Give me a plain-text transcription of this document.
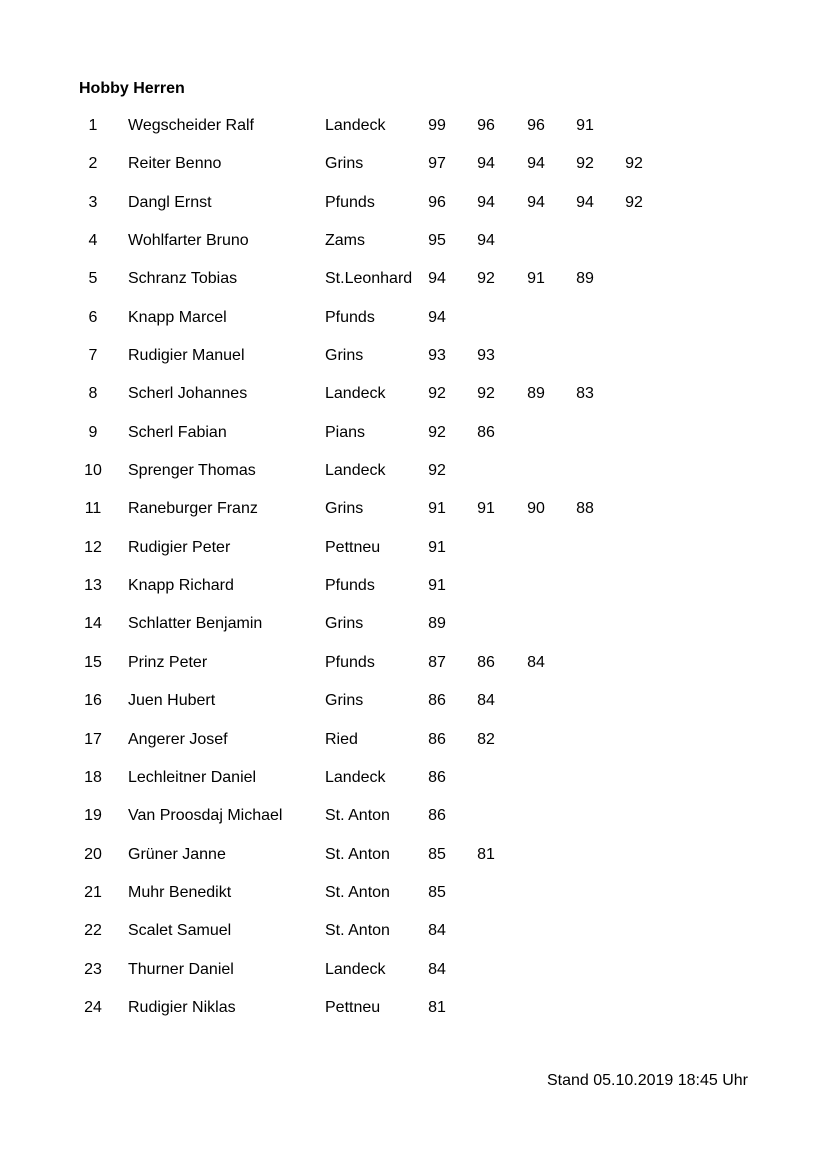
Hobby Herren
1	Wegscheider Ralf	Landeck	99 96 96 91
2	Reiter Benno	Grins	97 94 94 92 92
3	Dangl Ernst	Pfunds	96 94 94 94 92
4	Wohlfarter Bruno	Zams	95 94
5	Schranz Tobias	St.Leonhard 94 92 91 89
6	Knapp Marcel	Pfunds	94
7	Rudigier Manuel	Grins	93 93
8	Scherl Johannes	Landeck	92 92 89 83
9	Scherl Fabian	Pians	92 86
10	Sprenger Thomas	Landeck	92
11	Raneburger Franz	Grins	91 91 90 88
12	Rudigier Peter	Pettneu	91
13	Knapp Richard	Pfunds	91
14	Schlatter Benjamin	Grins	89
15	Prinz Peter	Pfunds	87 86 84
16	Juen Hubert	Grins	86 84
17	Angerer Josef	Ried	86 82
18	Lechleitner Daniel	Landeck	86
19	Van Proosdaj Michael	St. Anton 86
20	Grüner Janne	St. Anton 85 81
21	Muhr Benedikt	St. Anton 85
22	Scalet Samuel	St. Anton 84
23	Thurner Daniel	Landeck	84
24	Rudigier Niklas	Pettneu	81
Stand 05.10.2019 18:45 Uhr
